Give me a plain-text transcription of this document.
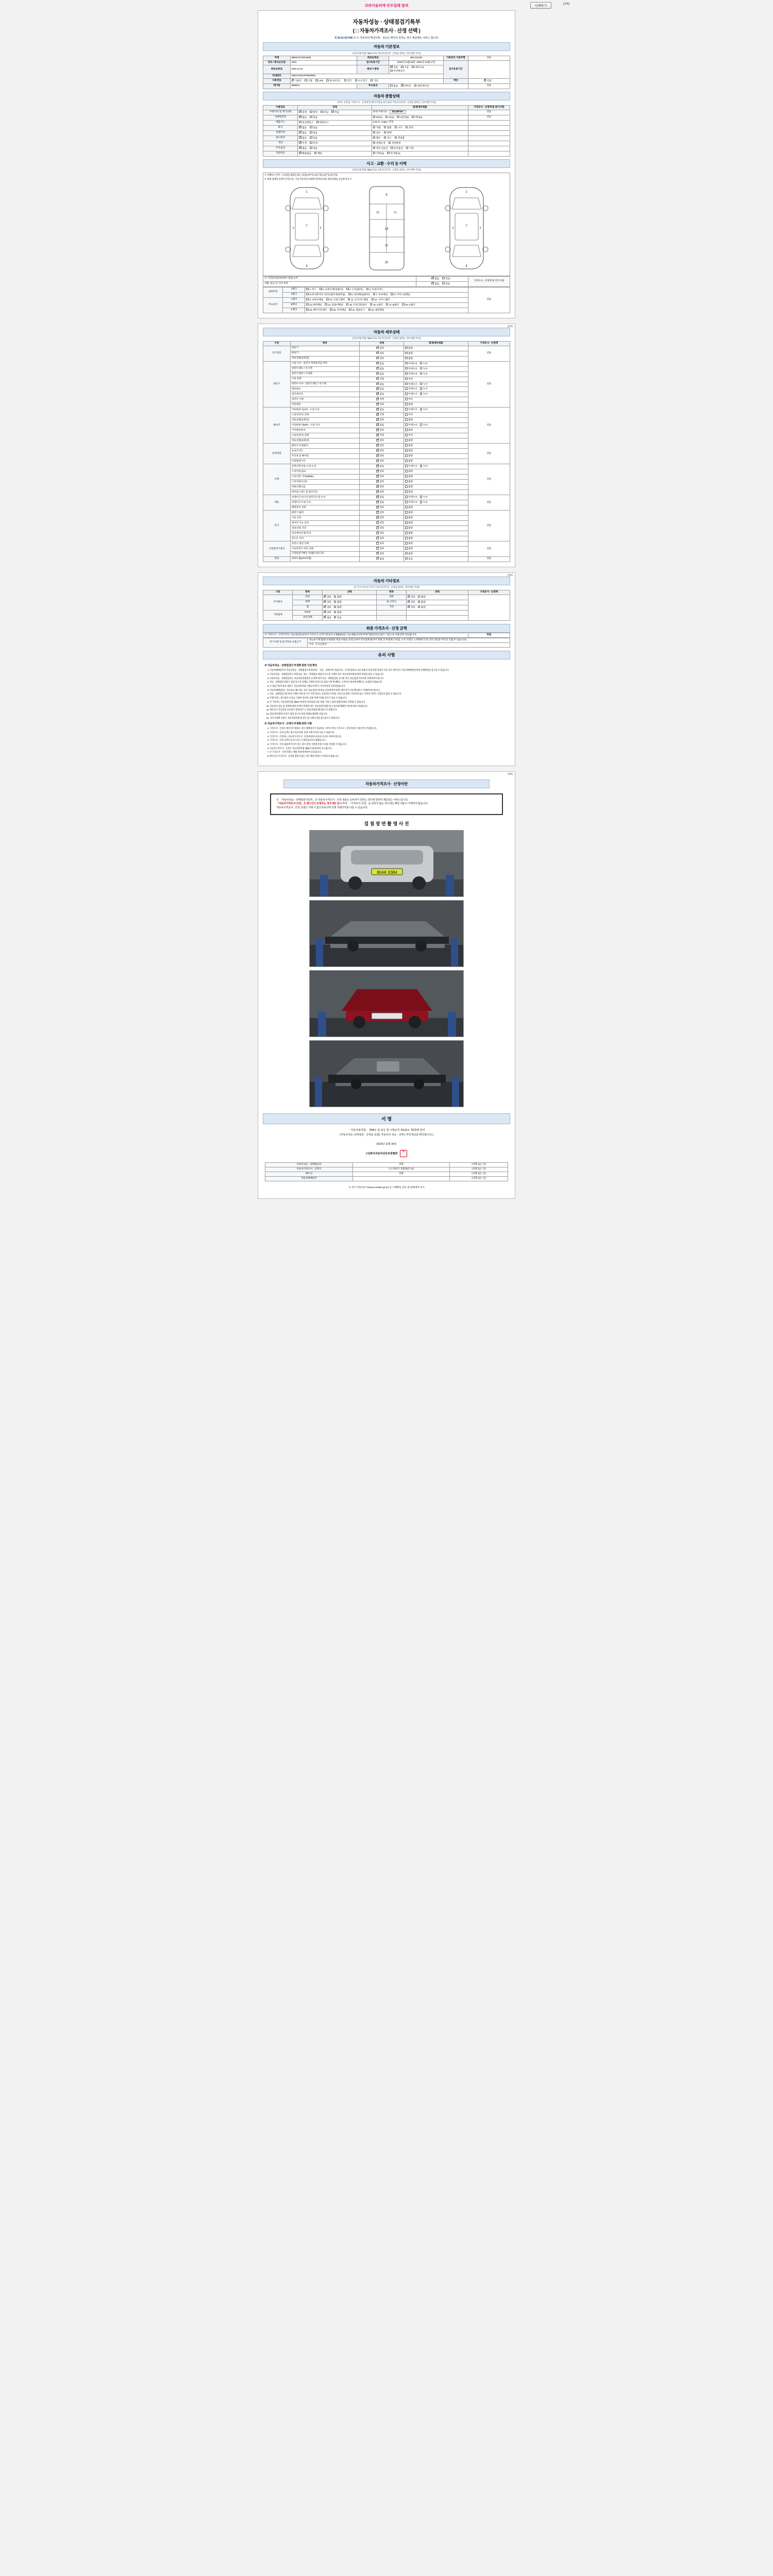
크라이슬러에 안우길래 알려	인쇄하기
(1/4)
자동차성능 · 상태점검기록부
( □ 자동차가격조사 · 산정 선택 )
제 45-01-027446 호 ※ 자동차의 핵심사항 · 성능은 행사의 원칙는 경우 제공해는 서비스 합니다.
자동차 기본정보
(자동차관리법 제58조의4 자동차인터넷 · 산정을 원하는 경우에만 작성)
차명	BMW-X5 d2mse65	최초등록일	394.211443	기록장치 기준주행	연동
연식 / 형식승인일	2021	검사유효기간	2022년 11월 19일 ~2024년 11월 17일	검사유효기간	
최초등록일	2022.11.18	변속기 종류	✓자동 수동 세미오토 무단변속기
차대번호	WBACNS1HP0NN9611				
사용연료	✓가솔린 디젤 LPG 하이브리드 전기 수소전기 기타			색상	✓단일
배기량	8598CC	주요옵션	없음 ✓ 썬루프 내비게이션		연동
자동차 종합상태
(부호: 유효검, 기록조사 · 산정에 및 폐기사항을 용사성의 자동차인터넷 · 산정을 원하는 경우에만 작성)
사용연료	상태	법제/세단체물	가격조사 · 산정액 및 특기사항
주행거리 및 계기상태	✓실제 변경 의심 ✓ 적음	현재 주행거리 26,146 km	연동
차량번호판	✓없음 있음	MT(1) AT(2) 1번인(3) 세미(4)	연동
배출가스	일산화탄소 탄화수소	0.01 % 1 ppm 측정	
튜닝	✓없음 있음	적법 불법 구조 장치	
특별이력	✓없음 있음	침수 화재	
용도변경	✓없음 있음	렌트 리스 영업용	
색상	✓무색 단색	전체도색 색상변경	
주요옵션	✓없음 있음	제조사옵션 신차옵션 기타	
리콜대상	✓해당없음 해당	이행 (o) 미이행 (x)	
사고 · 교환 · 수리 등 이력
(자동차관리법 제58조의4 자동차인터넷 · 산정을 원하는 경우에만 작성)
※ 상태표시 부호 : ⓧ(교환), Ⅹ(판금 또는 용접), Ⅰ(부식), Ⅽ(고정), Ⅼ(전기), Ⅽ(기타)
※ 최대 입체성 설계가 단연근과, 기타 자동차의 상세평가항목표상의 외관상태를 동일하게 표기
1
7
4
3	3
9
10	11
14
15
20
1
7
4
3	3
※ 시건(특정장치/내부-내전) 유무	✓없음 있음	가격조사 · 산정액 및 특기사항
교환, 판금 등 이상 부위	✓없음 있음
외판부위	1랭크	1. 후드 2. 프론트팬더(좌/우) 3. 도어(좌/우) 4. 트렁크리드	연동
	2랭크	5.라디에이터 서포트(볼트체결부품) 6. 쿼터패널(좌/우) 7. 루프패널 8. 사이드실패널	
주요골격	A랭크	9. 프론트패널 10. 크로스멤버 11. 인사이드패널 12. 사이드멤버	
	B랭크	13.대쉬패널 14. 플로어패널 15. 트렁크플로어 16. A필러 17. B필러 18. C필러	
	C랭크	19. 패키지트레이 20. 리어패널 21. 휠하우스 22. 필러패널	
(2/4)
자동차 세부상태
(자동차관리법 제58조의4 자동차인터넷 · 산정을 원하는 경우에만 작성)
구분	항목	상태	법제/세단체물	가격조사 · 산정액
자기진단	원동기	✓양호	불량	연동
	변속기	✓양호	불량	
	작동상태(공회전)	✓양호	불량	
원동기	오일 누유 - 실린더 커버로커암 커버	✓없음	미세누유 누유	연동
	실린더 헤드 / 가스켓	✓없음	미세누유 누유	
	실린더 블록 / 오일팬	✓없음	미세누유 누유	
	오일 유량	✓적정	부족	
	냉각수 누수 - 실린더 헤드 / 가스켓	✓없음	미세누수 누수	
	워터펌프	✓없음	미세누수 누수	
	라디에이터	✓없음	미세누수 누수	
	냉각수 수량	✓적정	부족	
	커먼레일	✓양호	불량	
변속기	자동변속기(A/T) - 오일 누유	✓없음	미세누유 누유	연동
	오일유량 및 상태	✓적정	부족	
	작동상태(공회전)	✓양호	불량	
	수동변속기(M/T) - 오일 누유	✓없음	미세누유 누유	
	기어변속장치	✓양호	불량	
	오일유량 및 상태	✓적정	부족	
	작동상태(공회전)	✓양호	불량	
동력전달	클러치 어셈블리	✓양호	불량	연동
	등속조인트	✓양호	불량	
	추진축 및 베어링	✓양호	불량	
	디퍼렌셜기어	✓양호	불량	
조향	동력조향 작동 오일 누유	✓없음	미세누유 누유	연동
	스티어링 펌프	✓양호	불량	
	스티어링 기어(M/R/E)	✓양호	불량	
	스티어링조인트	✓양호	불량	
	파워크랭크암	✓양호	불량	
	타이로드엔드 및 볼조인트	✓양호	불량	
제동	브레이크 마스터 실린더오일 누유	✓없음	미세누유 누유	연동
	브레이크 오일 누유	✓없음	미세누유 누유	
	배력장치 상태	✓양호	불량	
전기	발전기 출력	✓양호	불량	연동
	시동 모터	✓양호	불량	
	와이퍼 기능 모터	✓양호	불량	
	실내 송풍 모터	✓양호	불량	
	라디에이터 팬 모터	✓양호	불량	
	윈도우 모터	✓양호	불량	
고전원전기장치	충전구 절연 상태	✓양호	불량	연동
	구동축전지 격리 상태	✓양호	불량	
	고전원전기배선 상태(손상/노후)	✓양호	불량	
연료	연료누출(LPG포함)	✓없음	있음	연동
(3/4)
자동차 기타정보
(유 특기사항 등사산이 자동차인터넷 · 산정을 원하는 경우에만 작성)
구분	항목	상태	항목	상태	가격조사 · 산정액
수리필요	외장	✓양호 불량	내장	✓양호 불량	
	광택	✓양호 불량	룸 크리닝	✓양호 불량
	휠	✓양호 불량	기타	✓양호 불량
기본품목	korea	✓양호 불량		
	보유상태	✓없음 있음		
최종 가격조사 · 산정 금액
※ 가격조사 · 산정가격은 성능점검일로부터 가격조사·산정기준일이 1개월(30일) 기능내용(□)자동차배기량(연료등급)이 기준으로 적용되면 연동됩니다.	만원
특기사항 및 감가정보 산출근거	성능보기에 불합니다(회원 영업 허용을 중앙님에서 영상업체 클리어 특별 교 투플릭인 한점, 도주 가열인 노후화에 도면 진전 선단과 무리인 진출 두 있습니다).
가격 · 조사산정자
유의 사항
※ 자동차성능 · 상태점검자 부정확 관련 사전 확인
1. 자동차매매업자가 자동차성능 · 상태점검기록부(이하 「성능 · 상태 부분 점검자료」라 한다)에 표시된 내용과 실제 차량 상태가 다른 경우 매수인은 자동차매매업자에게 손해배상을 청구할 수 있습니다.
2. 자동차성능 · 상태점검자가 허위 또는 성능 · 상태점검 내용과 다르게 기재한 경우 자동차관리법에 따라 처벌을 받을 수 있습니다.
3. 자동차성능 · 상태점검자는 자동차관리법령의 규정에 따라 성능 · 상태점검을 실시한 경우 성능점검기록부에 서명하여야 합니다.
4. 성능 · 상태점검 내용은 점검 당시의 상태를 기재한 것이므로 점검 이후 발생하는 고장이나 하자에 대해서는 보증하지 않습니다.
5. 본 점검기록부상의 내용은 자동차관리법 시행규칙 별지 서식에 따라 작성되었습니다.
6. 자동차매매업자는 자동차를 매도하는 경우 성능점검기록부를 교부하여야 하며, 매수인이 이를 확인하고 서명하여야 합니다.
7. 성능 · 상태점검기록부에 기재된 사항 중 사고 이력 정보는 보험처리 이력을 기준으로 하며, 자비처리 또는 미처리 이력은 포함되지 않을 수 있습니다.
8. 주행거리는 계기상의 수치를 기재한 것이며, 실제 주행거리와 차이가 있을 수 있습니다.
9. 본 기록부는 자동차관리법 제58조에 따라 작성되었으며, 허위 기재 시 관련 법령에 따라 처벌될 수 있습니다.
10. 자동차의 성능 및 상태에 관한 분쟁이 발생한 경우 자동차관리법령 및 소비자분쟁해결기준에 따라 처리됩니다.
11. 매수인은 자동차를 인수하기 전에 반드시 직접 차량을 확인하시기 바랍니다.
12. 점검 장면 촬영 사진은 점검 당시의 차량 상태를 촬영한 것입니다.
13. 기타 자세한 사항은 자동차관리법 및 같은 법 시행규칙을 참고하시기 바랍니다.
※ 자동차가격조사 · 산정자 부정확 관련 사항
1. 가격조사 · 산정은 매수인이 원하는 경우 매매업자가 제공하는 서비스이며, 가격조사 · 산정 비용은 매수인이 부담합니다.
2. 가격조사 · 산정 금액은 참고자료이며, 실제 거래가격과 다를 수 있습니다.
3. 가격조사 · 산정자는 자동차가격조사 · 산정에 관한 교육을 이수한 자여야 합니다.
4. 가격조사 · 산정 금액의 유효기간은 산정일로부터 1개월입니다.
5. 가격조사 · 산정 내용에 이의가 있는 경우 관련 기관에 분쟁 조정을 신청할 수 있습니다.
6. 자동차가격조사 · 산정은 자동차관리법 제58조의4에 따라 실시됩니다.
7. 본 가격조사 · 산정 결과는 해당 차량에 한하여 유효합니다.
8. 매수인이 가격조사 · 산정을 원하지 않는 경우 해당 항목은 작성되지 않습니다.
(4/4)
자동차가격조사 · 산정이란
※ 「자동차성능 · 상태점검기록부」의 자동차가격조사 · 산정 내용은 소비자가 원하는 경우에 한하여 제공되는 서비스입니다.
「자동차가격조사·산정」은 매수인이 요청하는 경우에만 실시 하며, 「가격조사·산정」을 원하지 않는 경우에는 해당 내용이 기재되지 않습니다.
자동차가격조사 · 산정 금액은 거래 시 참고자료이며 실제 거래가격과 다를 수 있습니다.
검 점 장 면 촬 영 사 진
80AK 8384
서 명
「자동차관리법」 제58조 및 같은 법 시행규칙 제120조 제1항에 따라
(자동차성능·상태점검 · 산정을 포함) 자동차의 성능 · 상태 (·부인정보를 확인합니다.)
2023년 11월 30일
(사)한국자동차진단보증협회 印
자동차성능 · 상태점검자	성명	(서명 또는 인)
자동차가격조사 · 산정자	오도영하기 정회원(주.외)	(서명 또는 인)
매수인	성명	(서명 또는 인)
자동차매매업자		(서명 또는 인)
※ 자기 자동차조사(www.car365.go.kr) 의 구매확인 진료 및 판매내역 보기
